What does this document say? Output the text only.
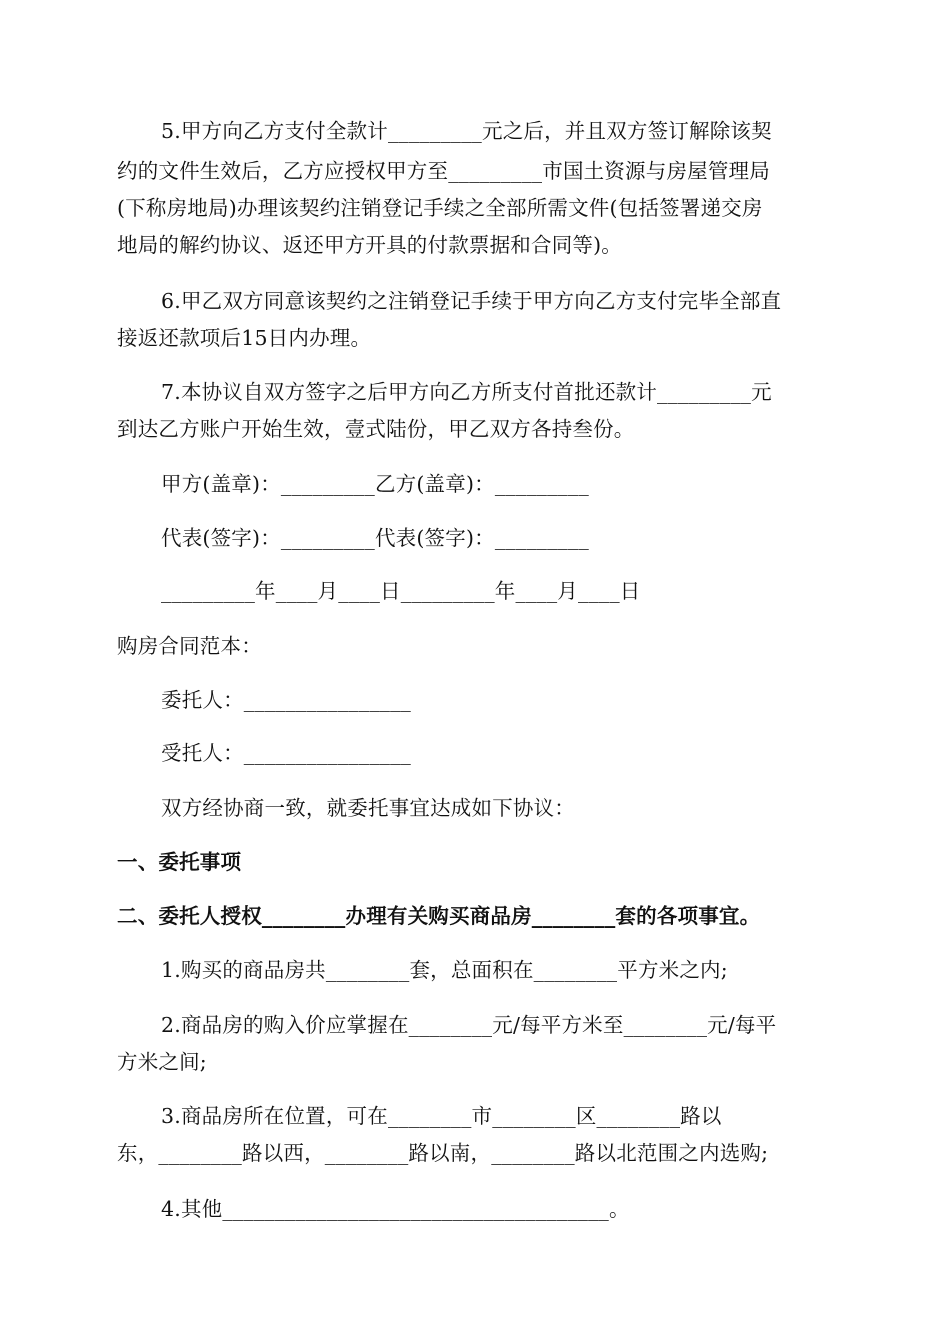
5.甲方向乙方支付全款计_________元之后，并且双方签订解除该契
约的文件生效后，乙方应授权甲方至_________市国土资源与房屋管理局
(下称房地局)办理该契约注销登记手续之全部所需文件(包括签署递交房
地局的解约协议、返还甲方开具的付款票据和合同等)。
6.甲乙双方同意该契约之注销登记手续于甲方向乙方支付完毕全部直
接返还款项后15日内办理。
7.本协议自双方签字之后甲方向乙方所支付首批还款计_________元
到达乙方账户开始生效，壹式陆份，甲乙双方各持叁份。
甲方(盖章)：_________乙方(盖章)：_________
代表(签字)：_________代表(签字)：_________
_________年____月____日_________年____月____日
购房合同范本：
委托人：________________
受托人：________________
双方经协商一致，就委托事宜达成如下协议：
一、委托事项
二、委托人授权________办理有关购买商品房________套的各项事宜。
1.购买的商品房共________套，总面积在________平方米之内;
2.商品房的购入价应掌握在________元/每平方米至________元/每平
方米之间;
3.商品房所在位置，可在________市________区________路以
东，________路以西，________路以南，________路以北范围之内选购;
4.其他_____________________________________。
